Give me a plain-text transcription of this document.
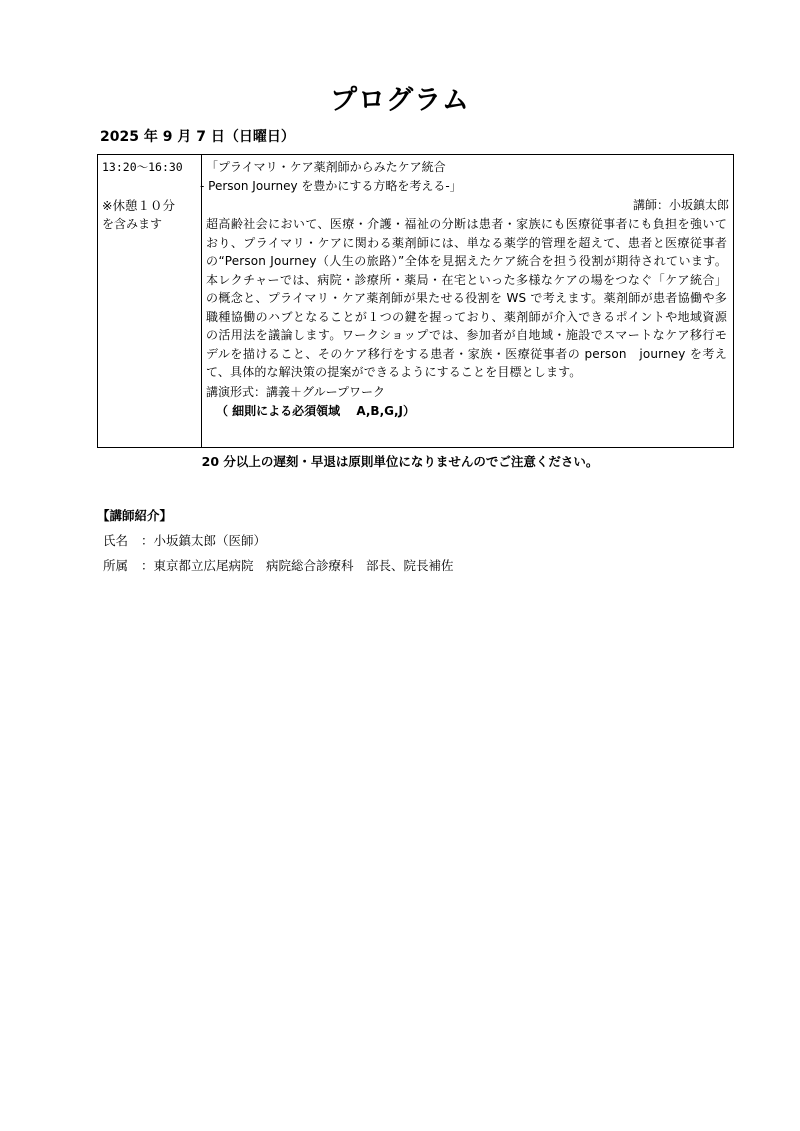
プログラム

2025 年 9 月 7 日（日曜日）

13:20～16:30
※休憩１０分
を含みます
「プライマリ・ケア薬剤師からみたケア統合
- Person Journey を豊かにする方略を考える-」
講師：小坂鎮太郎
超高齢社会において、医療・介護・福祉の分断は患者・家族にも医療従事者にも負担を強いており、プライマリ・ケアに関わる薬剤師には、単なる薬学的管理を超えて、患者と医療従事者の“Person Journey（人生の旅路）”全体を見据えたケア統合を担う役割が期待されています。本レクチャーでは、病院・診療所・薬局・在宅といった多様なケアの場をつなぐ「ケア統合」の概念と、プライマリ・ケア薬剤師が果たせる役割を WS で考えます。薬剤師が患者協働や多職種協働のハブとなることが１つの鍵を握っており、薬剤師が介入できるポイントや地域資源の活用法を議論します。ワークショップでは、参加者が自地域・施設でスマートなケア移行モデルを描けること、そのケア移行をする患者・家族・医療従事者の person　journey を考えて、具体的な解決策の提案ができるようにすることを目標とします。
講演形式：講義＋グループワーク
（ 細則による必須領域　 A,B,G,J）

20 分以上の遅刻・早退は原則単位になりませんのでご注意ください。

【講師紹介】

氏名 ：小坂鎮太郎（医師）

所属 ：東京都立広尾病院　病院総合診療科　部長、院長補佐
